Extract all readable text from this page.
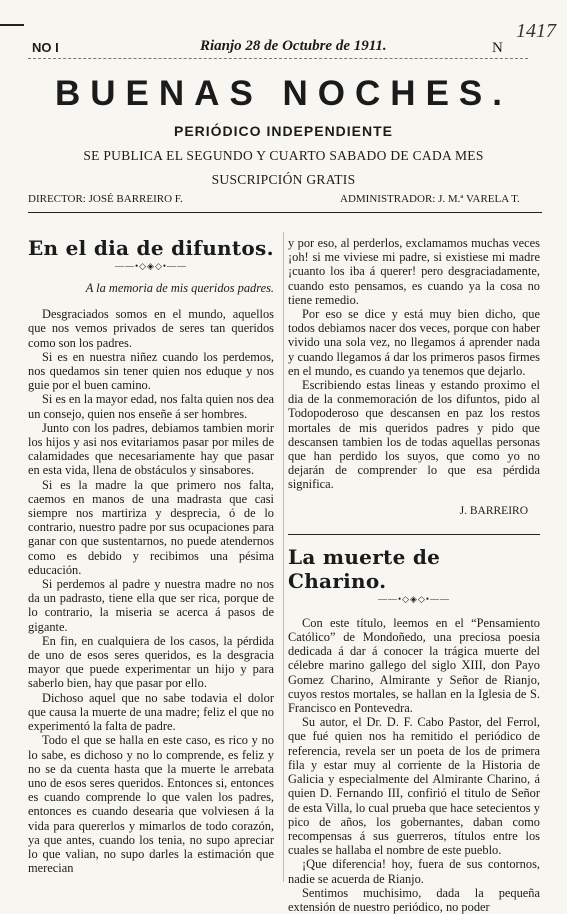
NO I	Rianjo 28 de Octubre de 1911.	N
1417
BUENAS NOCHES.
PERIÓDICO INDEPENDIENTE
SE PUBLICA EL SEGUNDO Y CUARTO SABADO DE CADA MES
SUSCRIPCIÓN GRATIS
DIRECTOR: JOSÉ BARREIRO F.	ADMINISTRADOR: J. M.ª VARELA T.
En el dia de difuntos.
——•◇◈◇•——

A la memoria de mis queridos padres.

Desgraciados somos en el mundo, aquellos que nos vemos privados de seres tan queridos como son los padres.

Si es en nuestra niñez cuando los perdemos, nos quedamos sin tener quien nos eduque y nos guie por el buen camino.

Si es en la mayor edad, nos falta quien nos dea un consejo, quien nos enseñe á ser hombres.

Junto con los padres, debiamos tambien morir los hijos y asi nos evitariamos pasar por miles de calamidades que necesariamente hay que pasar en esta vida, llena de obstáculos y sinsabores.

Si es la madre la que primero nos falta, caemos en manos de una madrasta que casi siempre nos martiriza y desprecia, ó de lo contrario, nuestro padre por sus ocupaciones para ganar con que sustentarnos, no puede atendernos como es debido y recibimos una pésima educación.

Si perdemos al padre y nuestra madre no nos da un padrasto, tiene ella que ser rica, porque de lo contrario, la miseria se acerca á pasos de gigante.

En fin, en cualquiera de los casos, la pérdida de uno de esos seres queridos, es la desgracia mayor que puede experimentar un hijo y para saberlo bien, hay que pasar por ello.

Dichoso aquel que no sabe todavia el dolor que causa la muerte de una madre; feliz el que no experimentó la falta de padre.

Todo el que se halla en este caso, es rico y no lo sabe, es dichoso y no lo comprende, es feliz y no se da cuenta hasta que la muerte le arrebata uno de esos seres queridos. Entonces si, entonces es cuando comprende lo que valen los padres, entonces es cuando desearia que volviesen á la vida para quererlos y mimarlos de todo corazón, ya que antes, cuando los tenia, no supo apreciar lo que valian, no supo darles la estimación que merecian

y por eso, al perderlos, exclamamos muchas veces ¡oh! si me viviese mi padre, si existiese mi madre ¡cuanto los iba á querer! pero desgraciadamente, cuando esto pensamos, es cuando ya la cosa no tiene remedio.

Por eso se dice y está muy bien dicho, que todos debiamos nacer dos veces, porque con haber vivido una sola vez, no llegamos á aprender nada y cuando llegamos á dar los primeros pasos firmes en el mundo, es cuando ya tenemos que dejarlo.

Escribiendo estas lineas y estando proximo el dia de la conmemoración de los difuntos, pido al Todopoderoso que descansen en paz los restos mortales de mis queridos padres y pido que descansen tambien los de todas aquellas personas que han perdido los suyos, que como yo no dejarán de comprender lo que esa pérdida significa.

J. BARREIRO
La muerte de Charino.
——•◇◈◇•——

Con este título, leemos en el “Pensamiento Católico” de Mondoñedo, una preciosa poesia dedicada á dar á conocer la trágica muerte del célebre marino gallego del siglo XIII, don Payo Gomez Charino, Almirante y Señor de Rianjo, cuyos restos mortales, se hallan en la Iglesia de S. Francisco en Pontevedra.

Su autor, el Dr. D. F. Cabo Pastor, del Ferrol, que fué quien nos ha remitido el periódico de referencia, revela ser un poeta de los de primera fila y estar muy al corriente de la Historia de Galicia y especialmente del Almirante Charino, á quien D. Fernando III, confirió el titulo de Señor de esta Villa, lo cual prueba que hace setecientos y pico de años, los gobernantes, daban como recompensas á sus guerreros, títulos entre los cuales se hallaba el nombre de este pueblo.

¡Que diferencia! hoy, fuera de sus contornos, nadie se acuerda de Rianjo.

Sentimos muchisimo, dada la pequeña extensión de nuestro periódico, no poder
